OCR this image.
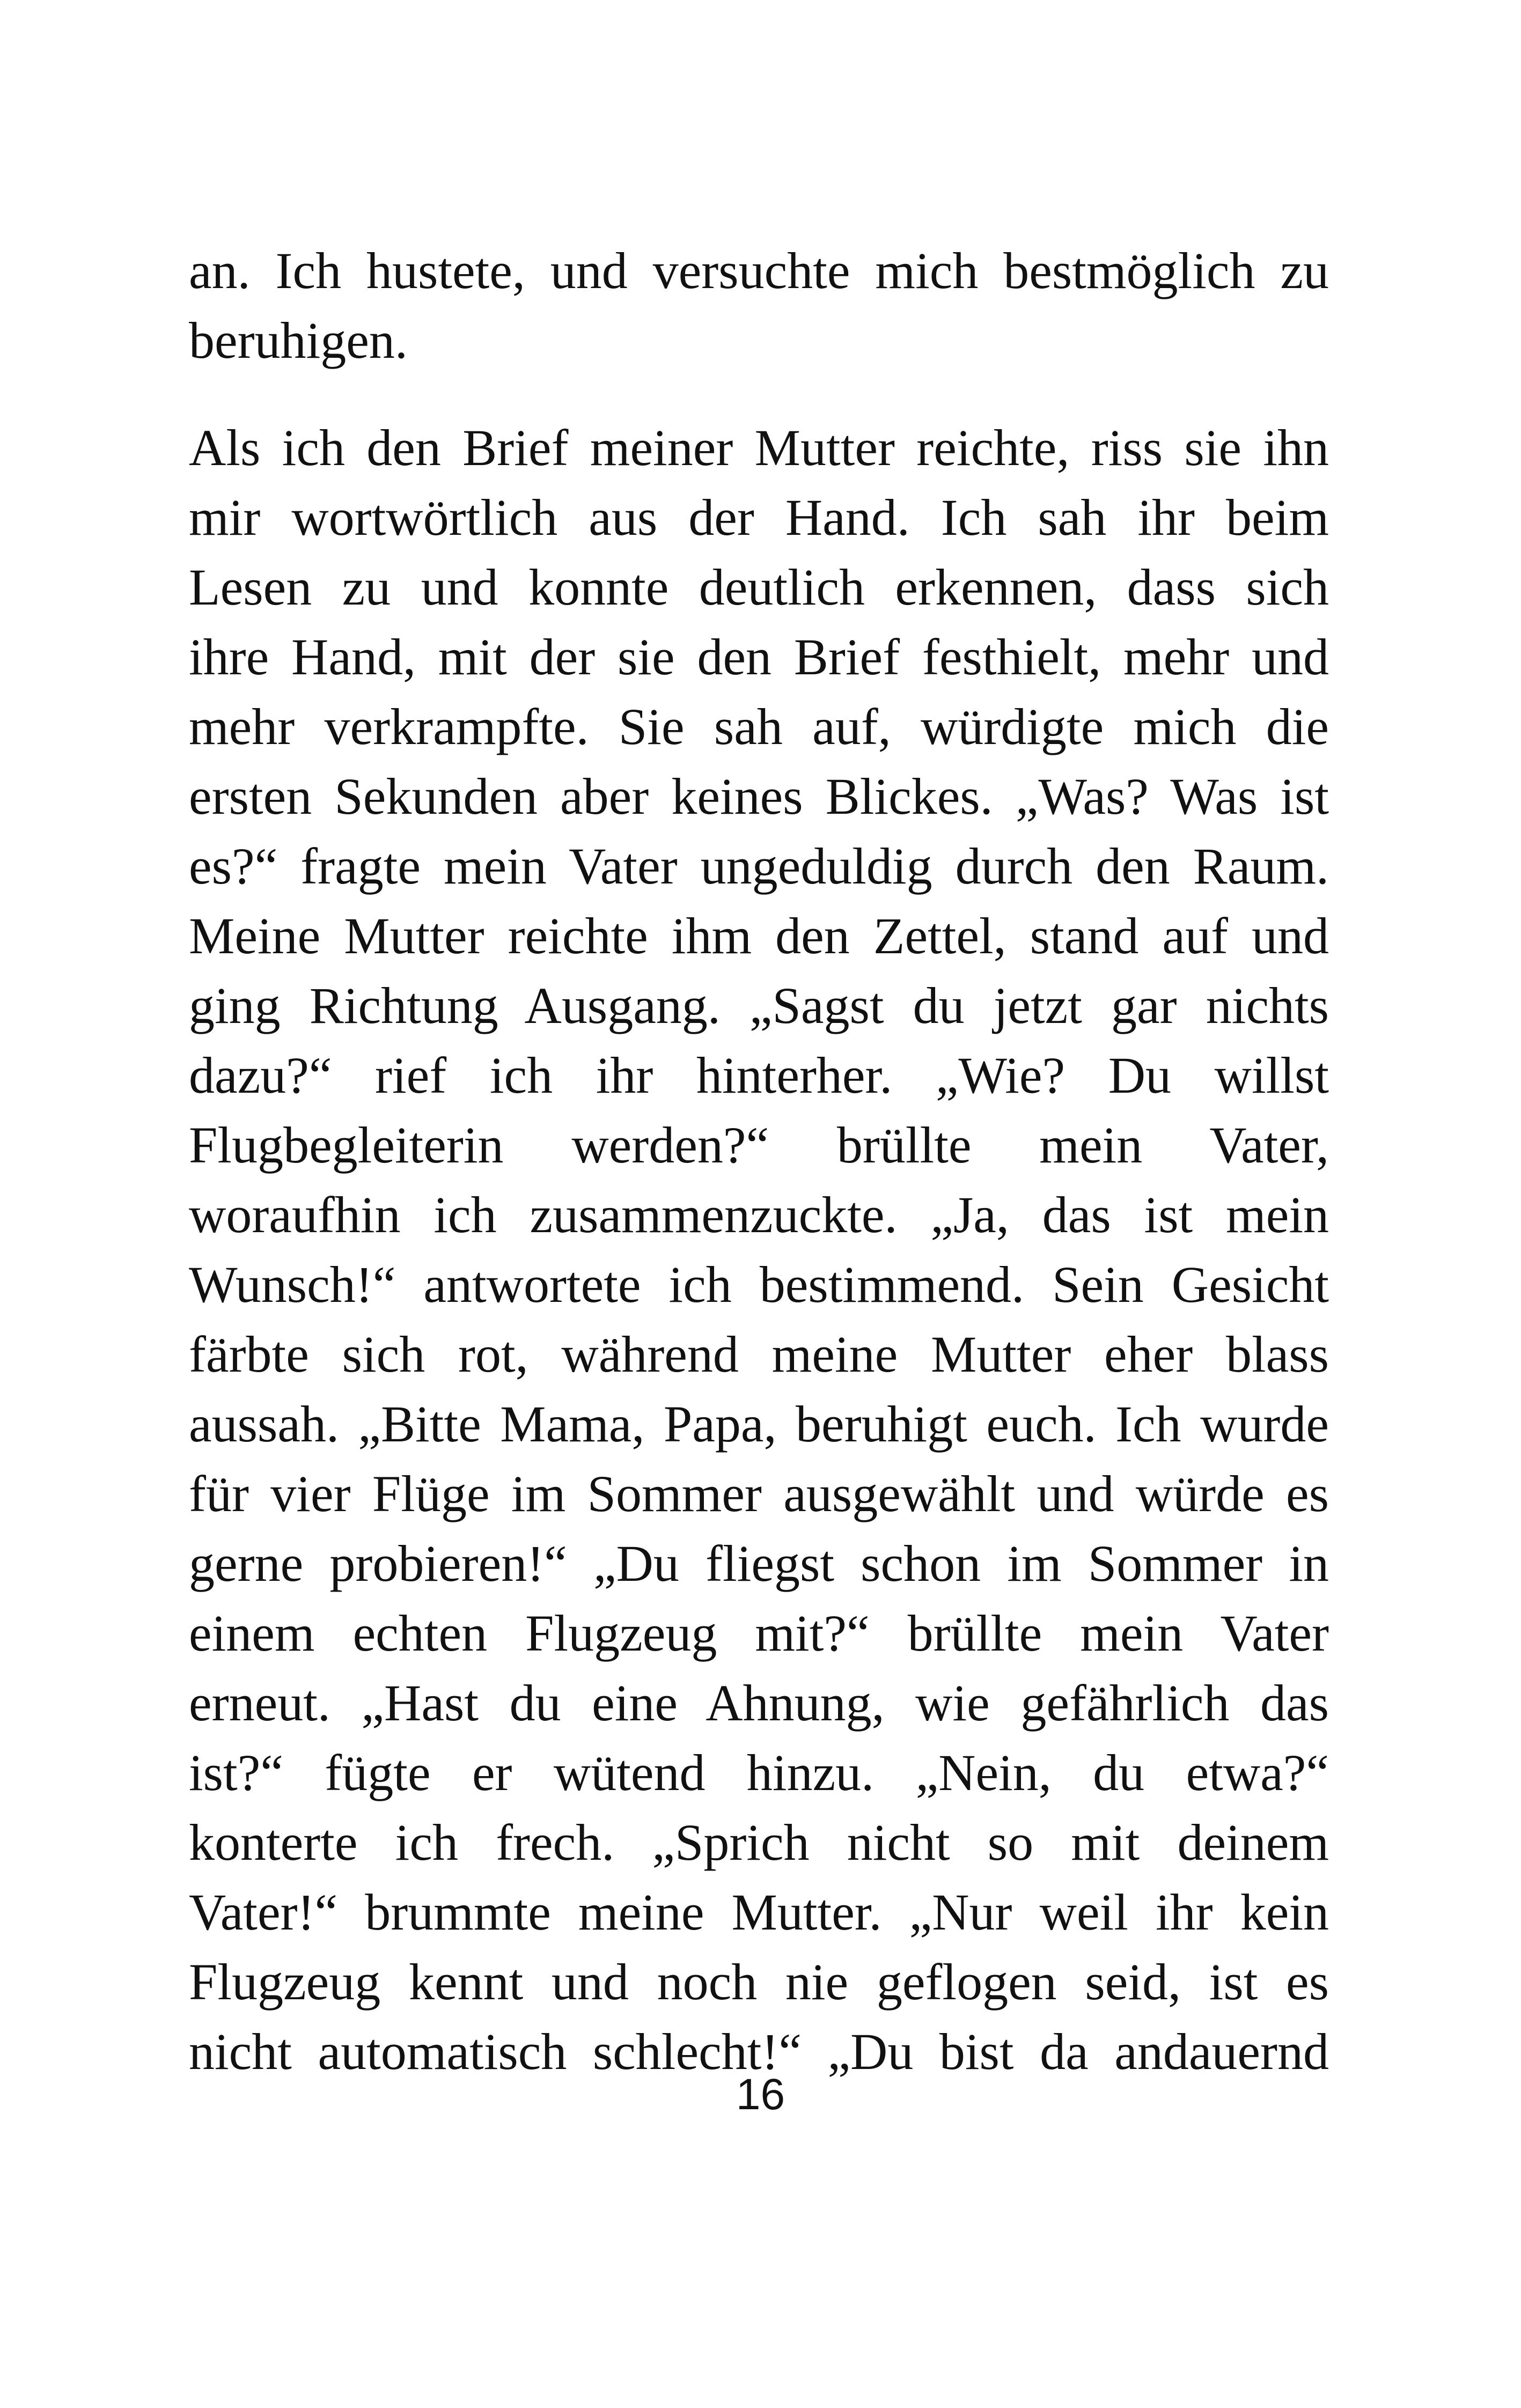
an. Ich hustete, und versuchte mich bestmöglich zu
beruhigen.
Als ich den Brief meiner Mutter reichte, riss sie ihn
mir wortwörtlich aus der Hand. Ich sah ihr beim
Lesen zu und konnte deutlich erkennen, dass sich
ihre Hand, mit der sie den Brief festhielt, mehr und
mehr verkrampfte. Sie sah auf, würdigte mich die
ersten Sekunden aber keines Blickes. „Was? Was ist
es?“ fragte mein Vater ungeduldig durch den Raum.
Meine Mutter reichte ihm den Zettel, stand auf und
ging Richtung Ausgang. „Sagst du jetzt gar nichts
dazu?“ rief ich ihr hinterher. „Wie? Du willst
Flugbegleiterin werden?“ brüllte mein Vater,
woraufhin ich zusammenzuckte. „Ja, das ist mein
Wunsch!“ antwortete ich bestimmend. Sein Gesicht
färbte sich rot, während meine Mutter eher blass
aussah. „Bitte Mama, Papa, beruhigt euch. Ich wurde
für vier Flüge im Sommer ausgewählt und würde es
gerne probieren!“ „Du fliegst schon im Sommer in
einem echten Flugzeug mit?“ brüllte mein Vater
erneut. „Hast du eine Ahnung, wie gefährlich das
ist?“ fügte er wütend hinzu. „Nein, du etwa?“
konterte ich frech. „Sprich nicht so mit deinem
Vater!“ brummte meine Mutter. „Nur weil ihr kein
Flugzeug kennt und noch nie geflogen seid, ist es
nicht automatisch schlecht!“ „Du bist da andauernd
16
